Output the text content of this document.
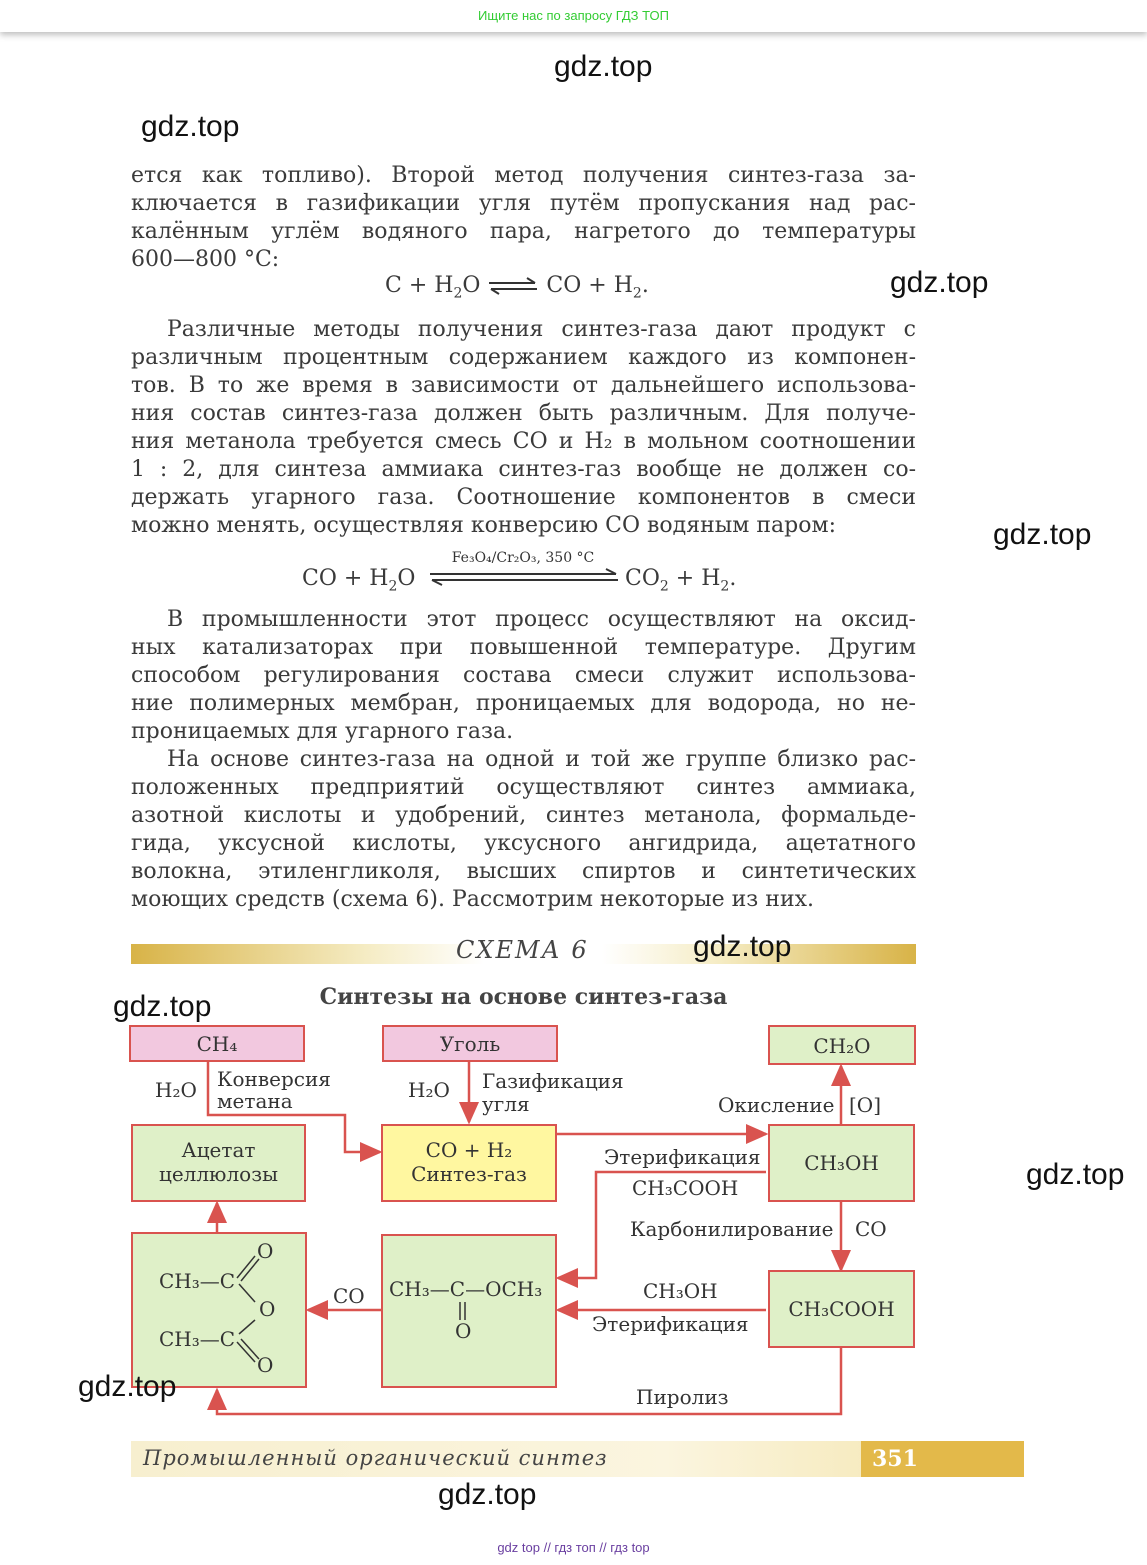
Ищите нас по запросу ГДЗ ТОП
gdz.top
gdz.top
gdz.top
gdz.top
gdz.top
gdz.top
gdz.top
ется как топливо). Второй метод получения синтез-газа за-
ключается в газификации угля путём пропускания над рас-
калённым углём водяного пара, нагретого до температуры
600—800 °С:
$C + H_2O$ ⇌ CO + $H_2$.
Различные методы получения синтез-газа дают продукт с
различным процентным содержанием каждого из компонен-
тов. В то же время в зависимости от дальнейшего использова-
ния состав синтез-газа должен быть различным. Для получе-
ния метанола требуется смесь CO и H₂ в мольном соотношении
1 : 2, для синтеза аммиака синтез-газ вообще не должен со-
держать угарного газа. Соотношение компонентов в смеси
можно менять, осуществляя конверсию CO водяным паром:
CO + $H_2O$
Fe₃O₄/Cr₂O₃, 350 °C
$CO_2 + H_2$.
В промышленности этот процесс осуществляют на оксид-
ных катализаторах при повышенной температуре. Другим
способом регулирования состава смеси служит использова-
ние полимерных мембран, проницаемых для водорода, но не-
проницаемых для угарного газа.
На основе синтез-газа на одной и той же группе близко рас-
положенных предприятий осуществляют синтез аммиака,
азотной кислоты и удобрений, синтез метанола, формальде-
гида, уксусной кислоты, уксусного ангидрида, ацетатного
волокна, этиленгликоля, высших спиртов и синтетических
моющих средств (схема 6). Рассмотрим некоторые из них.
СХЕМА 6	gdz.top
Синтезы на основе синтез-газа
CH₄	Уголь	CH₂O
Ацетат
целлюлозы
CO + H₂
Синтез-газ	CH₃OH
CH₃—C
CH₃—C
O
O
O
CH₃—C—OCH₃
O
CH₃COOH
H₂O Конверсия
метана	H₂O Газификация
угля	Окисление [O]
Этерификация
CH₃COOH
Карбонилирование CO
CO	CH₃OH
Этерификация
Пиролиз
gdz.top
Промышленный органический синтез	351
gdz top // гдз топ // гдз top
